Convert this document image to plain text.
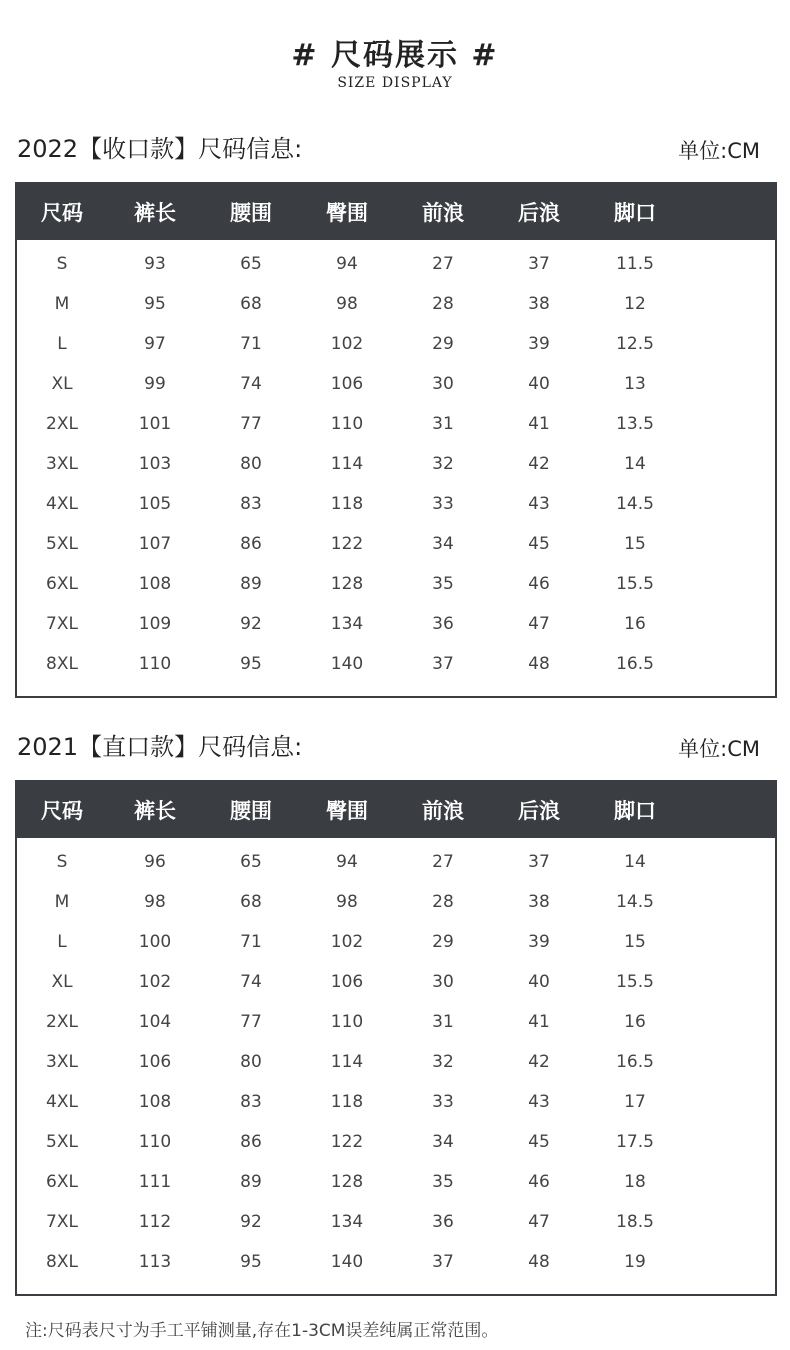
# 尺码展示 #
SIZE DISPLAY
2022【收口款】尺码信息:	单位:CM
尺码	裤长	腰围	臀围	前浪	后浪	脚口
S	93	65	94	27	37	11.5
M	95	68	98	28	38	12
L	97	71	102	29	39	12.5
XL	99	74	106	30	40	13
2XL	101	77	110	31	41	13.5
3XL	103	80	114	32	42	14
4XL	105	83	118	33	43	14.5
5XL	107	86	122	34	45	15
6XL	108	89	128	35	46	15.5
7XL	109	92	134	36	47	16
8XL	110	95	140	37	48	16.5
2021【直口款】尺码信息:	单位:CM
尺码	裤长	腰围	臀围	前浪	后浪	脚口
S	96	65	94	27	37	14
M	98	68	98	28	38	14.5
L	100	71	102	29	39	15
XL	102	74	106	30	40	15.5
2XL	104	77	110	31	41	16
3XL	106	80	114	32	42	16.5
4XL	108	83	118	33	43	17
5XL	110	86	122	34	45	17.5
6XL	111	89	128	35	46	18
7XL	112	92	134	36	47	18.5
8XL	113	95	140	37	48	19
注:尺码表尺寸为手工平铺测量,存在1-3CM误差纯属正常范围。
